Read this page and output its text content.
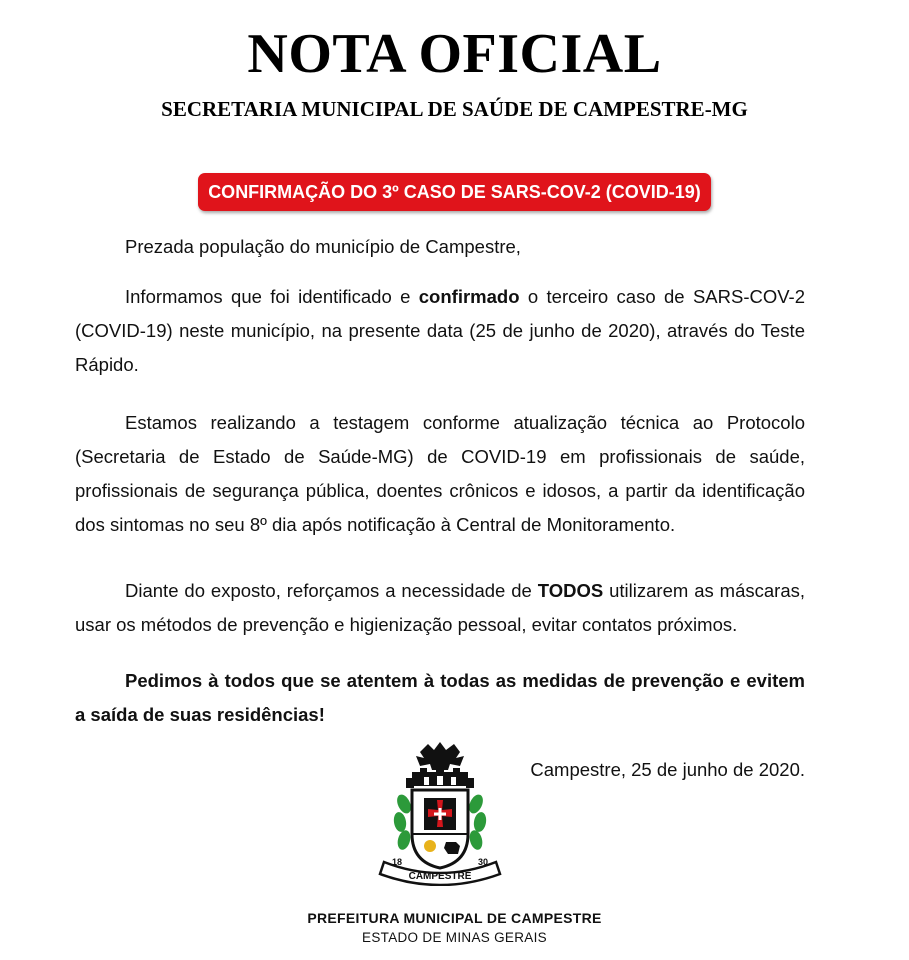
NOTA OFICIAL
SECRETARIA MUNICIPAL DE SAÚDE DE CAMPESTRE-MG
CONFIRMAÇÃO DO 3º CASO DE SARS-COV-2 (COVID-19)

Prezada população do município de Campestre,

Informamos que foi identificado e confirmado o terceiro caso de SARS-COV-2 (COVID-19) neste município, na presente data (25 de junho de 2020), através do Teste Rápido.

Estamos realizando a testagem conforme atualização técnica ao Protocolo (Secretaria de Estado de Saúde-MG) de COVID-19 em profissionais de saúde, profissionais de segurança pública, doentes crônicos e idosos, a partir da identificação dos sintomas no seu 8º dia após notificação à Central de Monitoramento.

Diante do exposto, reforçamos a necessidade de TODOS utilizarem as máscaras, usar os métodos de prevenção e higienização pessoal, evitar contatos próximos.

Pedimos à todos que se atentem à todas as medidas de prevenção e evitem a saída de suas residências!

Campestre, 25 de junho de 2020.
CAMPESTRE
18	30
PREFEITURA MUNICIPAL DE CAMPESTRE
ESTADO DE MINAS GERAIS
